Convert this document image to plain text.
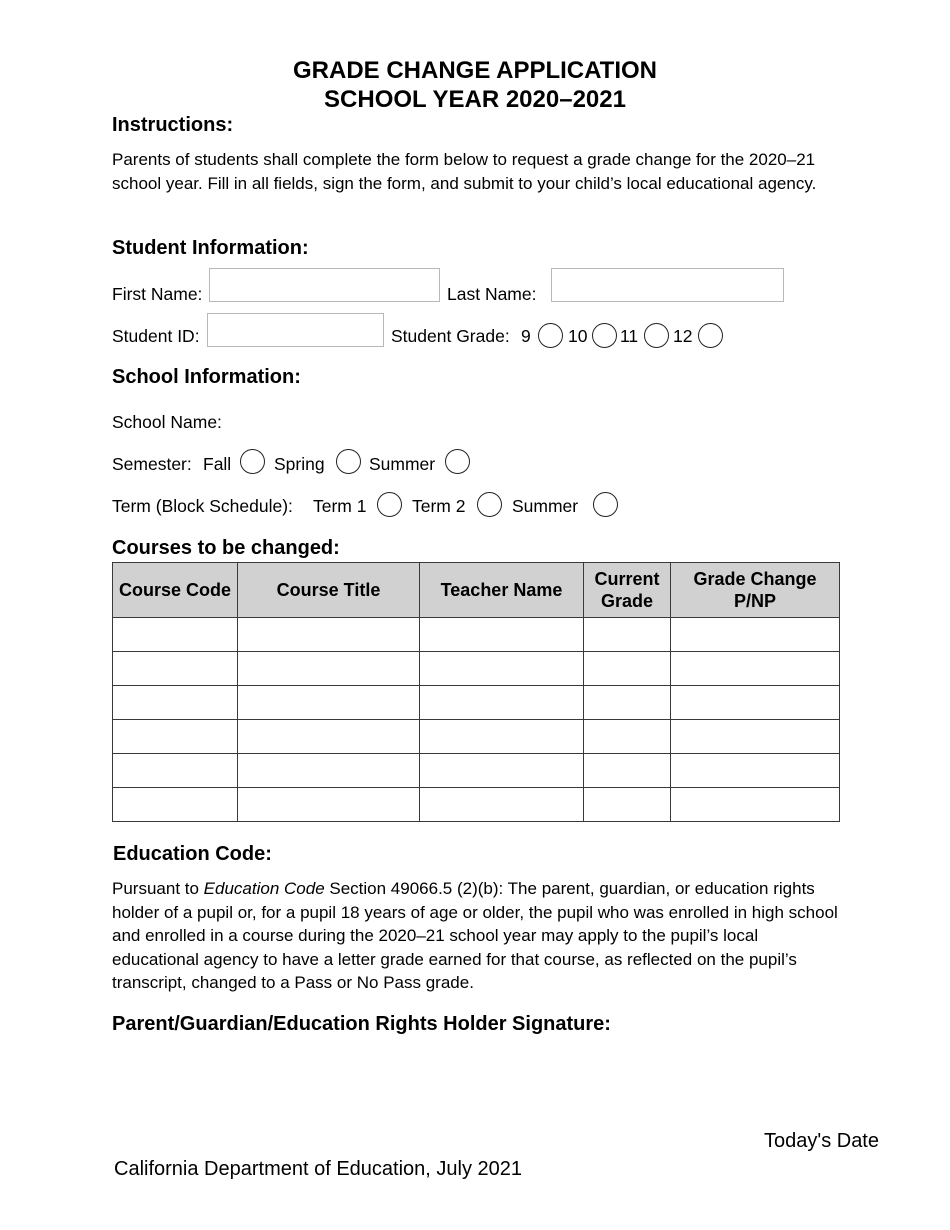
GRADE CHANGE APPLICATION
SCHOOL YEAR 2020–2021
Instructions:
Parents of students shall complete the form below to request a grade change for the 2020–21 school year. Fill in all fields, sign the form, and submit to your child’s local educational agency.
Student Information:
First Name:	Last Name:
Student ID:	Student Grade: 9 10 11 12
School Information:
School Name:
Semester: Fall Spring	Summer
Term (Block Schedule): Term 1	Term 2	Summer
Courses to be changed:
Course Code	Course Title	Teacher Name	Current Grade	Grade Change P/NP

Education Code:
Pursuant to Education Code Section 49066.5 (2)(b): The parent, guardian, or education rights holder of a pupil or, for a pupil 18 years of age or older, the pupil who was enrolled in high school and enrolled in a course during the 2020–21 school year may apply to the pupil’s local educational agency to have a letter grade earned for that course, as reflected on the pupil’s transcript, changed to a Pass or No Pass grade.
Parent/Guardian/Education Rights Holder Signature:
Today's Date
California Department of Education, July 2021
